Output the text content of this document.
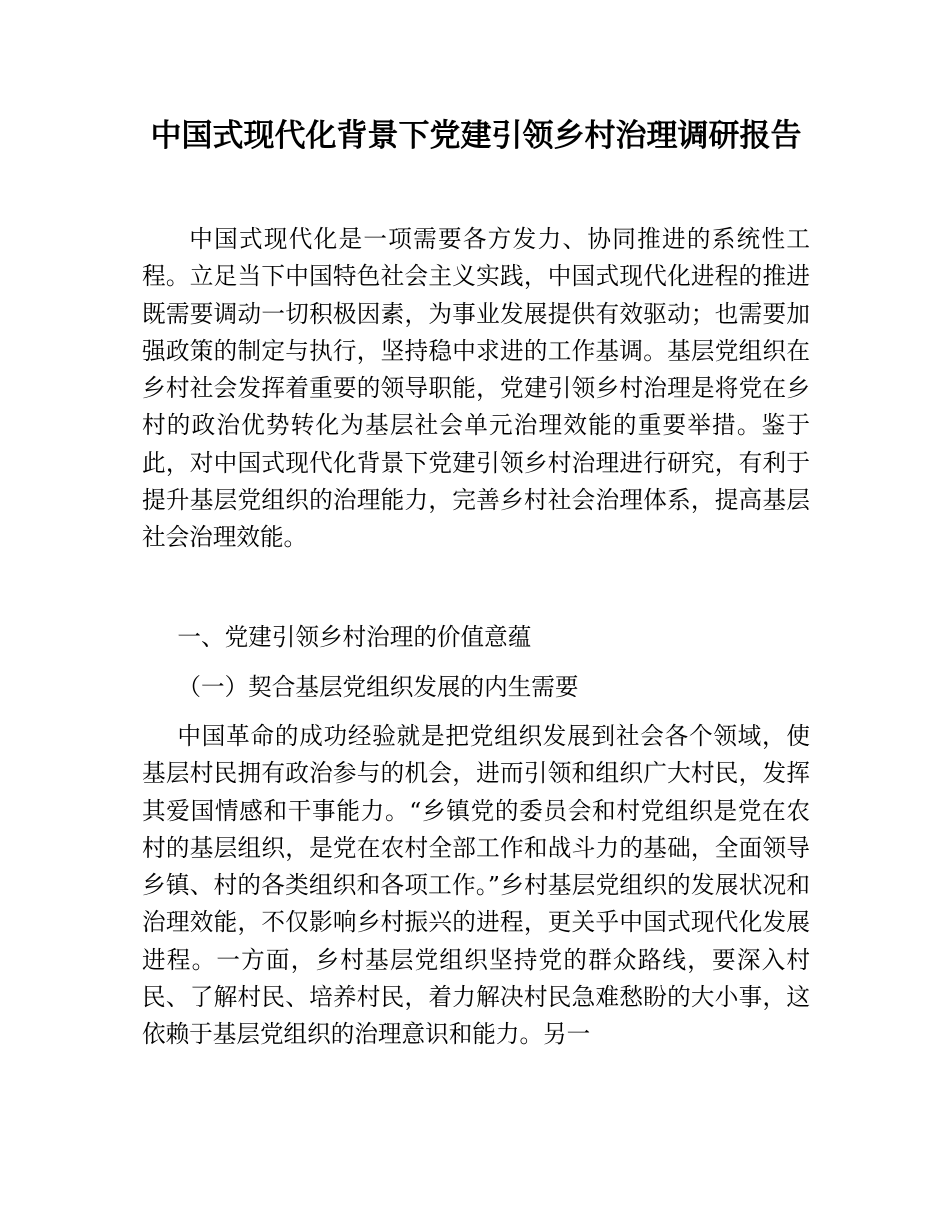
中国式现代化背景下党建引领乡村治理调研报告

中国式现代化是一项需要各方发力、协同推进的系统性工程。立足当下中国特色社会主义实践，中国式现代化进程的推进既需要调动一切积极因素，为事业发展提供有效驱动；也需要加强政策的制定与执行，坚持稳中求进的工作基调。基层党组织在乡村社会发挥着重要的领导职能，党建引领乡村治理是将党在乡村的政治优势转化为基层社会单元治理效能的重要举措。鉴于此，对中国式现代化背景下党建引领乡村治理进行研究，有利于提升基层党组织的治理能力，完善乡村社会治理体系，提高基层社会治理效能。

一、党建引领乡村治理的价值意蕴

（一）契合基层党组织发展的内生需要

中国革命的成功经验就是把党组织发展到社会各个领域，使基层村民拥有政治参与的机会，进而引领和组织广大村民，发挥其爱国情感和干事能力。“乡镇党的委员会和村党组织是党在农村的基层组织，是党在农村全部工作和战斗力的基础，全面领导乡镇、村的各类组织和各项工作。”乡村基层党组织的发展状况和治理效能，不仅影响乡村振兴的进程，更关乎中国式现代化发展进程。一方面，乡村基层党组织坚持党的群众路线，要深入村民、了解村民、培养村民，着力解决村民急难愁盼的大小事，这依赖于基层党组织的治理意识和能力。另一
